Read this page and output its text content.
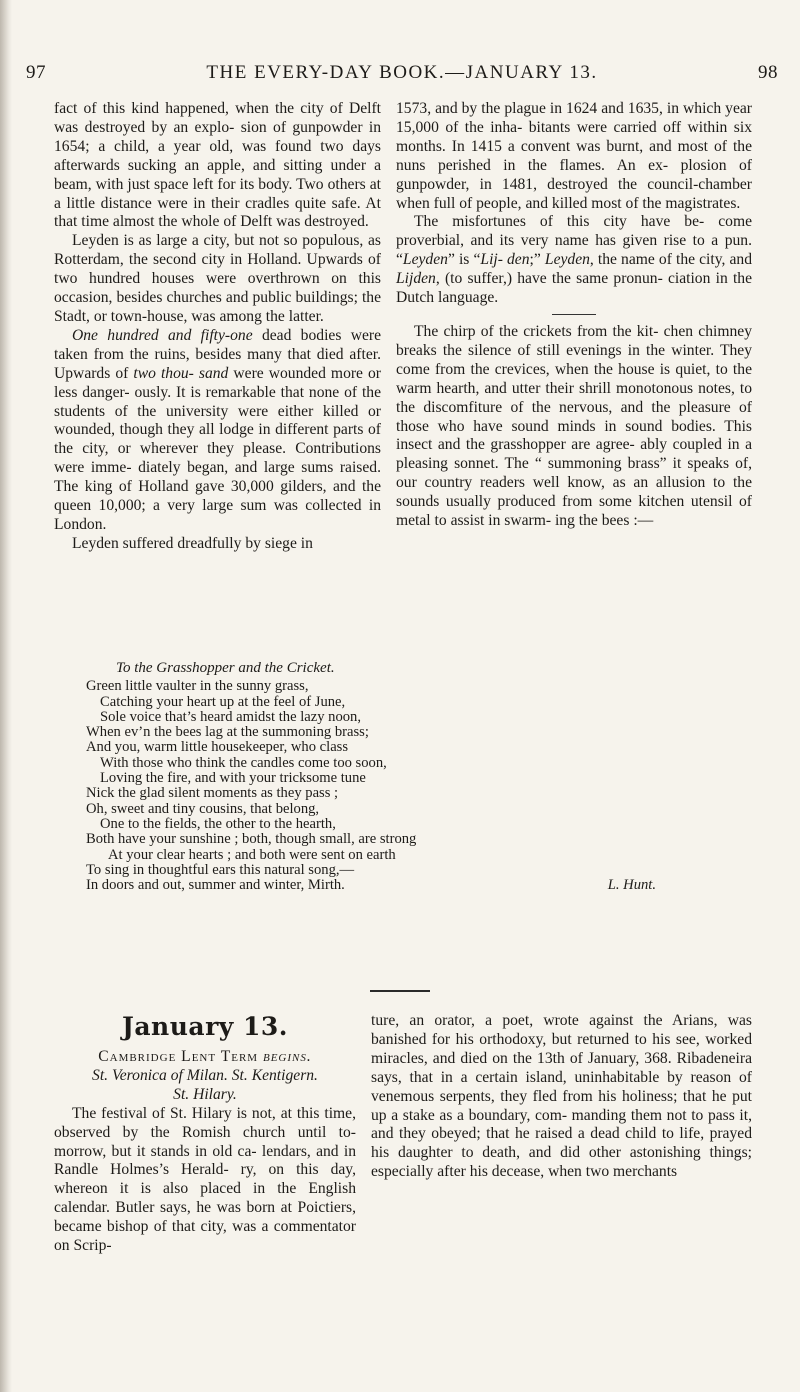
97	THE EVERY-DAY BOOK.—JANUARY 13.	98

fact of this kind happened, when the city of Delft was destroyed by an explo- sion of gunpowder in 1654; a child, a year old, was found two days afterwards sucking an apple, and sitting under a beam, with just space left for its body. Two others at a little distance were in their cradles quite safe. At that time almost the whole of Delft was destroyed.

Leyden is as large a city, but not so populous, as Rotterdam, the second city in Holland. Upwards of two hundred houses were overthrown on this occasion, besides churches and public buildings; the Stadt, or town-house, was among the latter.

One hundred and fifty-one dead bodies were taken from the ruins, besides many that died after. Upwards of two thou- sand were wounded more or less danger- ously. It is remarkable that none of the students of the university were either killed or wounded, though they all lodge in different parts of the city, or wherever they please. Contributions were imme- diately began, and large sums raised. The king of Holland gave 30,000 gilders, and the queen 10,000; a very large sum was collected in London.

Leyden suffered dreadfully by siege in

1573, and by the plague in 1624 and 1635, in which year 15,000 of the inha- bitants were carried off within six months. In 1415 a convent was burnt, and most of the nuns perished in the flames. An ex- plosion of gunpowder, in 1481, destroyed the council-chamber when full of people, and killed most of the magistrates.

The misfortunes of this city have be- come proverbial, and its very name has given rise to a pun. “Leyden” is “Lij- den;” Leyden, the name of the city, and Lijden, (to suffer,) have the same pronun- ciation in the Dutch language.

The chirp of the crickets from the kit- chen chimney breaks the silence of still evenings in the winter. They come from the crevices, when the house is quiet, to the warm hearth, and utter their shrill monotonous notes, to the discomfiture of the nervous, and the pleasure of those who have sound minds in sound bodies. This insect and the grasshopper are agree- ably coupled in a pleasing sonnet. The “ summoning brass” it speaks of, our country readers well know, as an allusion to the sounds usually produced from some kitchen utensil of metal to assist in swarm- ing the bees :—

To the Grasshopper and the Cricket.
Green little vaulter in the sunny grass,
Catching your heart up at the feel of June,
Sole voice that’s heard amidst the lazy noon,
When ev’n the bees lag at the summoning brass;
And you, warm little housekeeper, who class
With those who think the candles come too soon,
Loving the fire, and with your tricksome tune
Nick the glad silent moments as they pass ;
Oh, sweet and tiny cousins, that belong,
One to the fields, the other to the hearth,
Both have your sunshine ; both, though small, are strong
At your clear hearts ; and both were sent on earth
To sing in thoughtful ears this natural song,—
In doors and out, summer and winter, Mirth.	L. Hunt.
January 13.

Cambridge Lent Term begins.

St. Veronica of Milan. St. Kentigern.

St. Hilary.

The festival of St. Hilary is not, at this time, observed by the Romish church until to-morrow, but it stands in old ca- lendars, and in Randle Holmes’s Herald- ry, on this day, whereon it is also placed in the English calendar. Butler says, he was born at Poictiers, became bishop of that city, was a commentator on Scrip-

ture, an orator, a poet, wrote against the Arians, was banished for his orthodoxy, but returned to his see, worked miracles, and died on the 13th of January, 368. Ribadeneira says, that in a certain island, uninhabitable by reason of venemous serpents, they fled from his holiness; that he put up a stake as a boundary, com- manding them not to pass it, and they obeyed; that he raised a dead child to life, prayed his daughter to death, and did other astonishing things; especially after his decease, when two merchants
